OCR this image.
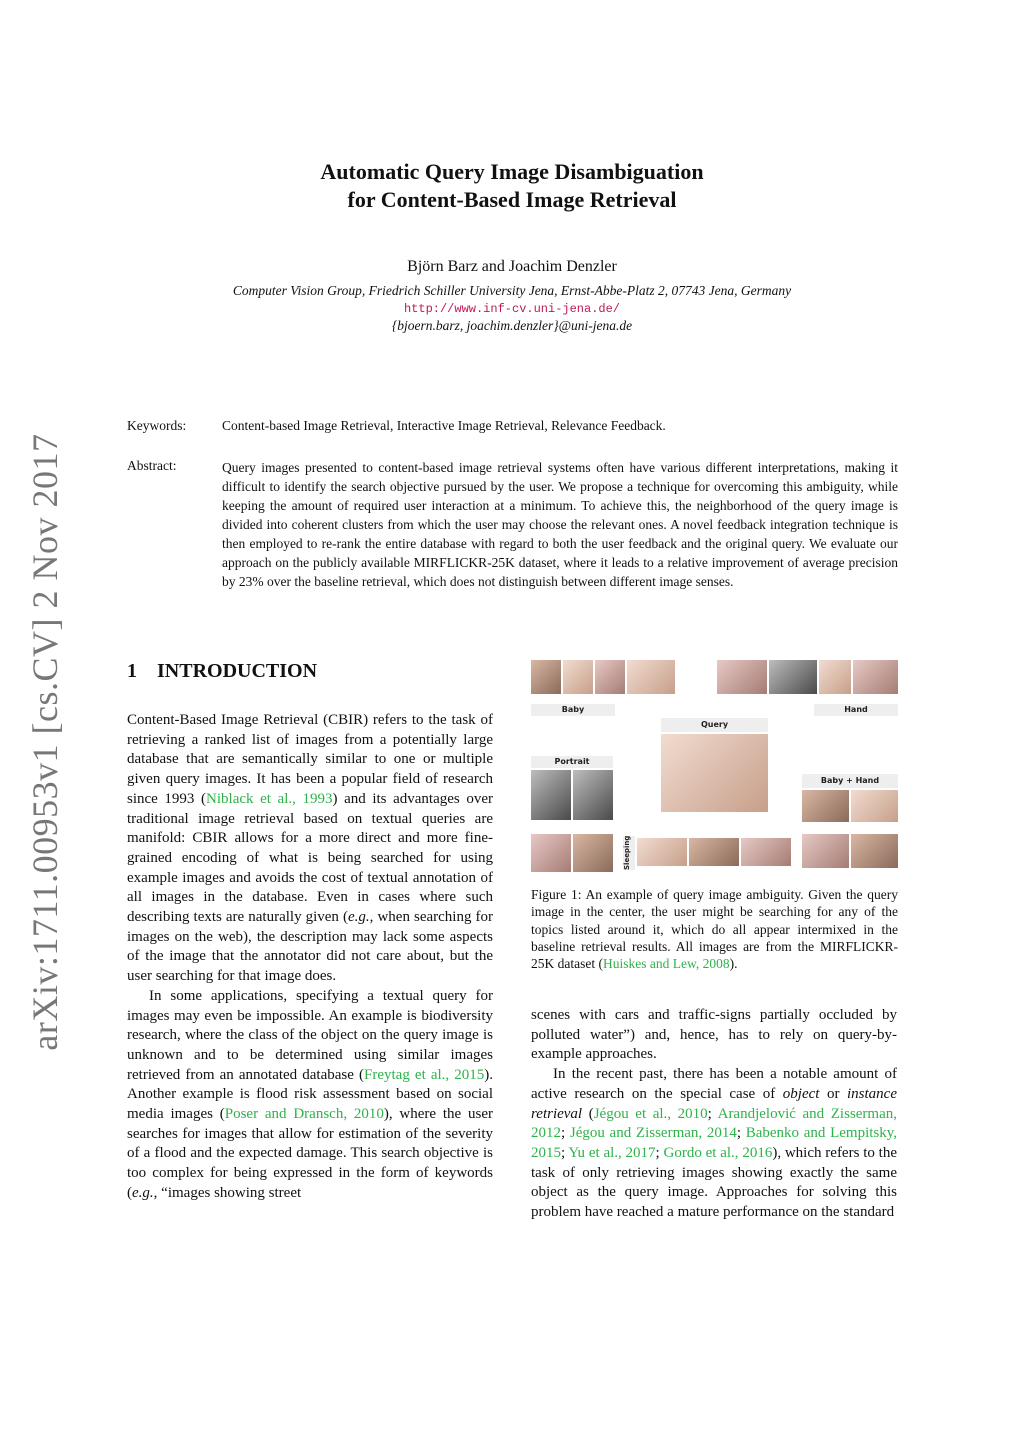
arXiv:1711.00953v1 [cs.CV] 2 Nov 2017
Automatic Query Image Disambiguation
for Content-Based Image Retrieval
Björn Barz and Joachim Denzler
Computer Vision Group, Friedrich Schiller University Jena, Ernst-Abbe-Platz 2, 07743 Jena, Germany
http://www.inf-cv.uni-jena.de/
{bjoern.barz, joachim.denzler}@uni-jena.de
Keywords:	Content-based Image Retrieval, Interactive Image Retrieval, Relevance Feedback.
Abstract:	Query images presented to content-based image retrieval systems often have various different interpretations, making it difficult to identify the search objective pursued by the user. We propose a technique for overcoming this ambiguity, while keeping the amount of required user interaction at a minimum. To achieve this, the neighborhood of the query image is divided into coherent clusters from which the user may choose the relevant ones. A novel feedback integration technique is then employed to re-rank the entire database with regard to both the user feedback and the original query. We evaluate our approach on the publicly available MIRFLICKR-25K dataset, where it leads to a relative improvement of average precision by 23% over the baseline retrieval, which does not distinguish between different image senses.
1 INTRODUCTION

Content-Based Image Retrieval (CBIR) refers to the task of retrieving a ranked list of images from a potentially large database that are semantically similar to one or multiple given query images. It has been a popular field of research since 1993 (Niblack et al., 1993) and its advantages over traditional image retrieval based on textual queries are manifold: CBIR allows for a more direct and more fine-grained encoding of what is being searched for using example images and avoids the cost of textual annotation of all images in the database. Even in cases where such describing texts are naturally given (e.g., when searching for images on the web), the description may lack some aspects of the image that the annotator did not care about, but the user searching for that image does.

In some applications, specifying a textual query for images may even be impossible. An example is biodiversity research, where the class of the object on the query image is unknown and to be determined using similar images retrieved from an annotated database (Freytag et al., 2015). Another example is flood risk assessment based on social media images (Poser and Dransch, 2010), where the user searches for images that allow for estimation of the severity of a flood and the expected damage. This search objective is too complex for being expressed in the form of keywords (e.g., “images showing street

Baby	Hand
Query
Portrait
Baby + Hand
Sleeping
Figure 1: An example of query image ambiguity. Given the query image in the center, the user might be searching for any of the topics listed around it, which do all appear intermixed in the baseline retrieval results. All images are from the MIRFLICKR-25K dataset (Huiskes and Lew, 2008).

scenes with cars and traffic-signs partially occluded by polluted water”) and, hence, has to rely on query-by-example approaches.

In the recent past, there has been a notable amount of active research on the special case of object or instance retrieval (Jégou et al., 2010; Arandjelović and Zisserman, 2012; Jégou and Zisserman, 2014; Babenko and Lempitsky, 2015; Yu et al., 2017; Gordo et al., 2016), which refers to the task of only retrieving images showing exactly the same object as the query image. Approaches for solving this problem have reached a mature performance on the standard
